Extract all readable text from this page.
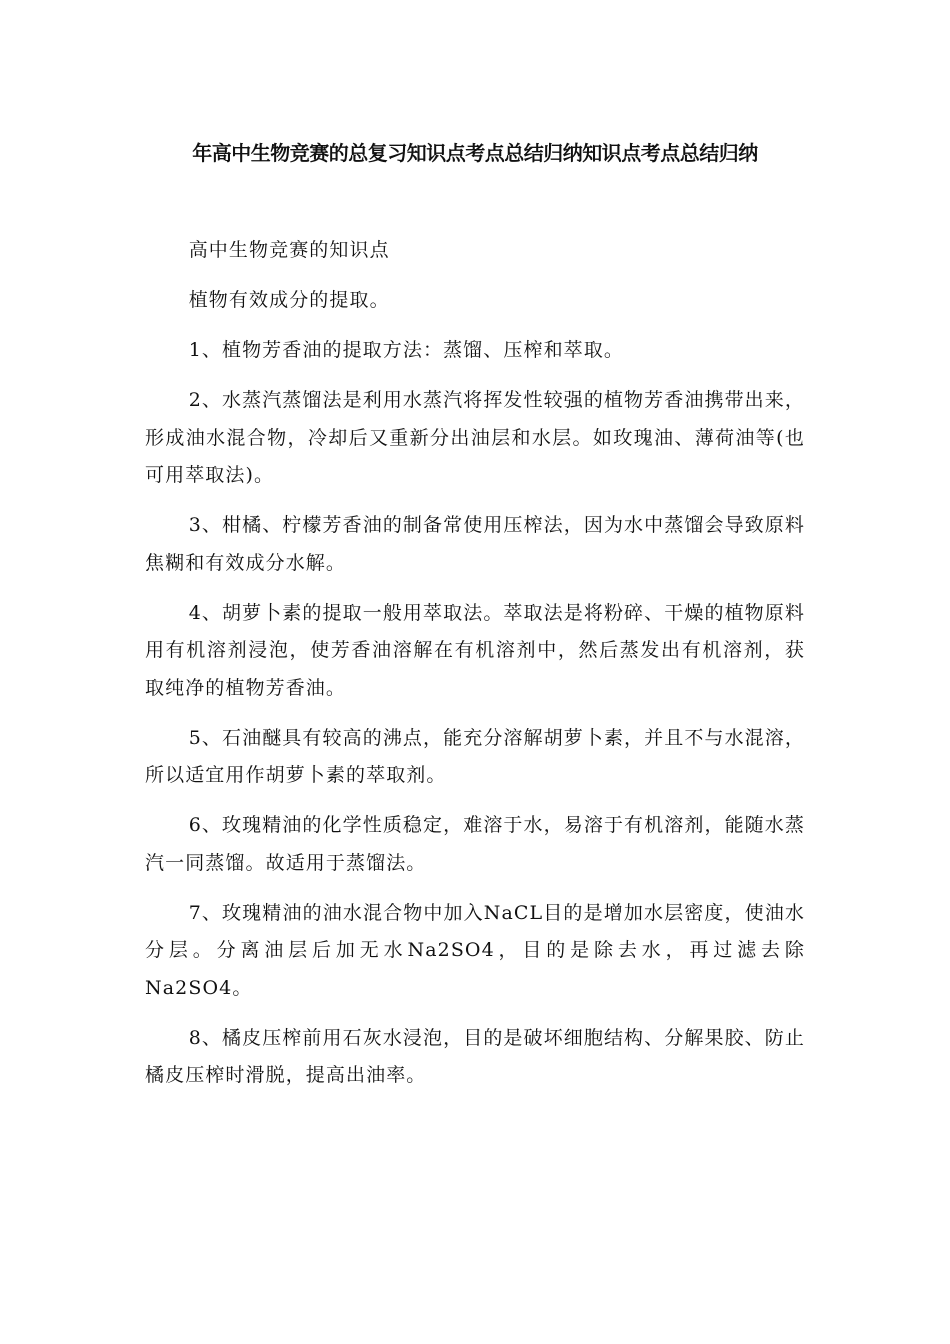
年高中生物竞赛的总复习知识点考点总结归纳知识点考点总结归纳

高中生物竞赛的知识点

植物有效成分的提取。

1、植物芳香油的提取方法：蒸馏、压榨和萃取。

2、水蒸汽蒸馏法是利用水蒸汽将挥发性较强的植物芳香油携带出来，形成油水混合物，冷却后又重新分出油层和水层。如玫瑰油、薄荷油等(也可用萃取法)。

3、柑橘、柠檬芳香油的制备常使用压榨法，因为水中蒸馏会导致原料焦糊和有效成分水解。

4、胡萝卜素的提取一般用萃取法。萃取法是将粉碎、干燥的植物原料用有机溶剂浸泡，使芳香油溶解在有机溶剂中，然后蒸发出有机溶剂，获取纯净的植物芳香油。

5、石油醚具有较高的沸点，能充分溶解胡萝卜素，并且不与水混溶，所以适宜用作胡萝卜素的萃取剂。

6、玫瑰精油的化学性质稳定，难溶于水，易溶于有机溶剂，能随水蒸汽一同蒸馏。故适用于蒸馏法。

7、玫瑰精油的油水混合物中加入NaCL目的是增加水层密度，使油水分层。分离油层后加无水Na2SO4，目的是除去水，再过滤去除Na2SO4。

8、橘皮压榨前用石灰水浸泡，目的是破坏细胞结构、分解果胶、防止橘皮压榨时滑脱，提高出油率。
